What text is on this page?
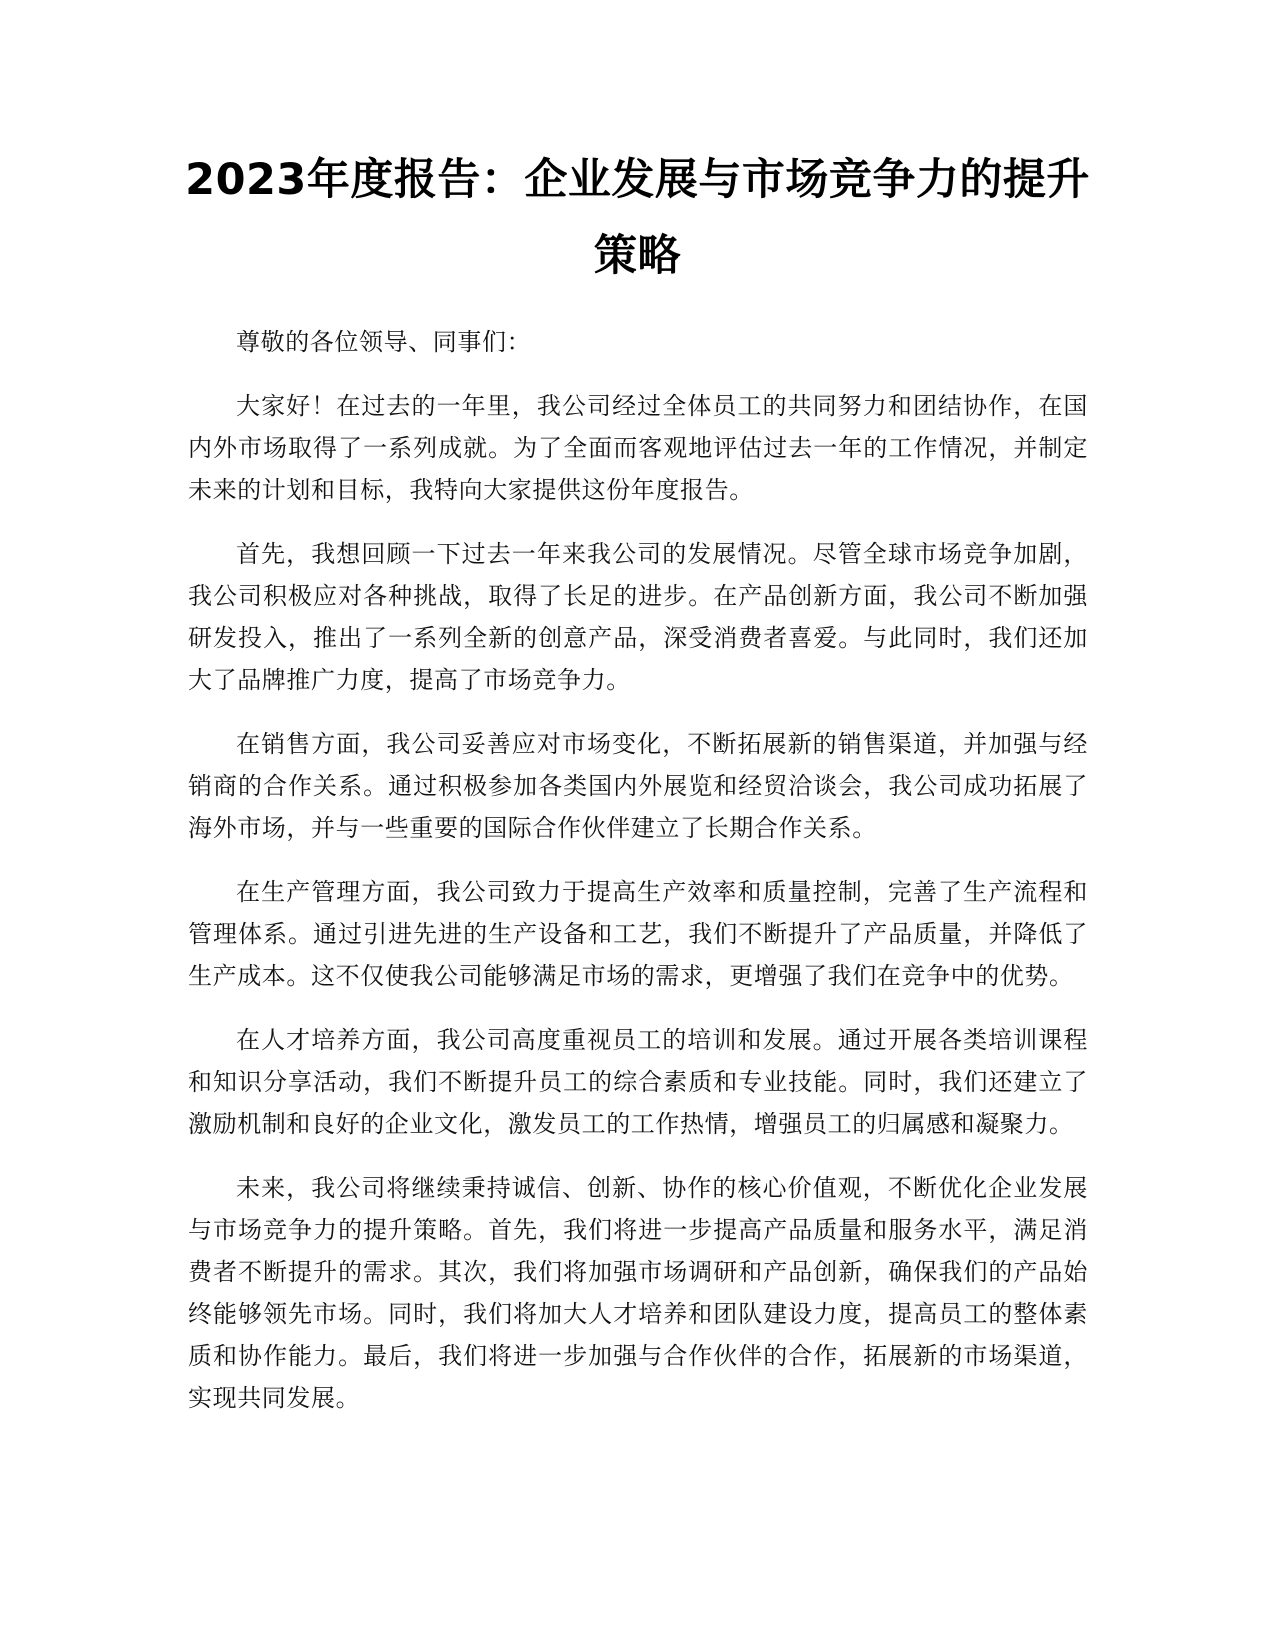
2023年度报告：企业发展与市场竞争力的提升策略

尊敬的各位领导、同事们：

大家好！在过去的一年里，我公司经过全体员工的共同努力和团结协作，在国内外市场取得了一系列成就。为了全面而客观地评估过去一年的工作情况，并制定未来的计划和目标，我特向大家提供这份年度报告。

首先，我想回顾一下过去一年来我公司的发展情况。尽管全球市场竞争加剧，我公司积极应对各种挑战，取得了长足的进步。在产品创新方面，我公司不断加强研发投入，推出了一系列全新的创意产品，深受消费者喜爱。与此同时，我们还加大了品牌推广力度，提高了市场竞争力。

在销售方面，我公司妥善应对市场变化，不断拓展新的销售渠道，并加强与经销商的合作关系。通过积极参加各类国内外展览和经贸洽谈会，我公司成功拓展了海外市场，并与一些重要的国际合作伙伴建立了长期合作关系。

在生产管理方面，我公司致力于提高生产效率和质量控制，完善了生产流程和管理体系。通过引进先进的生产设备和工艺，我们不断提升了产品质量，并降低了生产成本。这不仅使我公司能够满足市场的需求，更增强了我们在竞争中的优势。

在人才培养方面，我公司高度重视员工的培训和发展。通过开展各类培训课程和知识分享活动，我们不断提升员工的综合素质和专业技能。同时，我们还建立了激励机制和良好的企业文化，激发员工的工作热情，增强员工的归属感和凝聚力。

未来，我公司将继续秉持诚信、创新、协作的核心价值观，不断优化企业发展与市场竞争力的提升策略。首先，我们将进一步提高产品质量和服务水平，满足消费者不断提升的需求。其次，我们将加强市场调研和产品创新，确保我们的产品始终能够领先市场。同时，我们将加大人才培养和团队建设力度，提高员工的整体素质和协作能力。最后，我们将进一步加强与合作伙伴的合作，拓展新的市场渠道，实现共同发展。
